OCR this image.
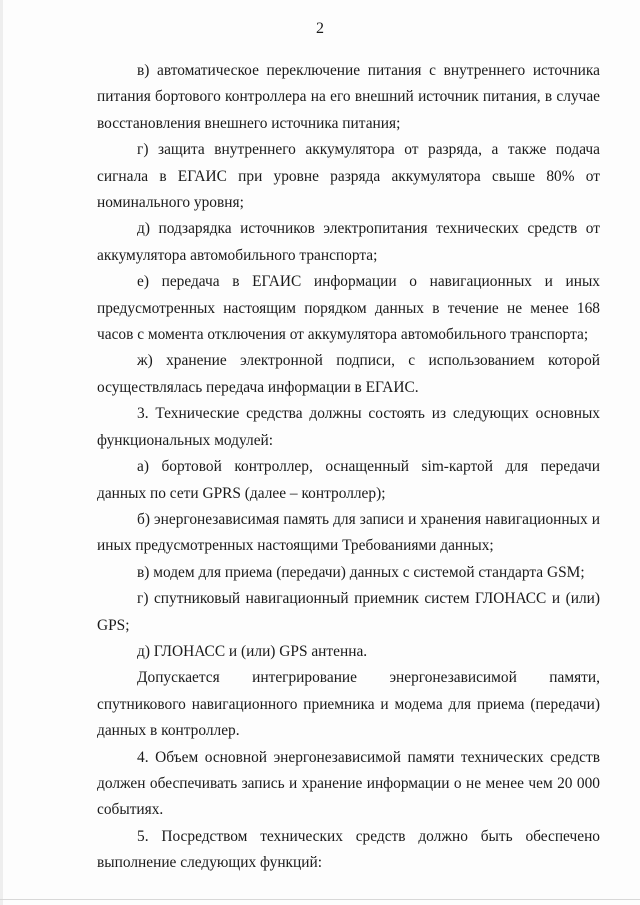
2

в) автоматическое переключение питания с внутреннего источника питания бортового контроллера на его внешний источник питания, в случае восстановления внешнего источника питания;

г) защита внутреннего аккумулятора от разряда, а также подача сигнала в ЕГАИС при уровне разряда аккумулятора свыше 80% от номинального уровня;

д) подзарядка источников электропитания технических средств от аккумулятора автомобильного транспорта;

е) передача в ЕГАИС информации о навигационных и иных предусмотренных настоящим порядком данных в течение не менее 168 часов с момента отключения от аккумулятора автомобильного транспорта;

ж) хранение электронной подписи, с использованием которой осуществлялась передача информации в ЕГАИС.

3. Технические средства должны состоять из следующих основных функциональных модулей:

а) бортовой контроллер, оснащенный sim-картой для передачи данных по сети GPRS (далее – контроллер);

б) энергонезависимая память для записи и хранения навигационных и иных предусмотренных настоящими Требованиями данных;

в) модем для приема (передачи) данных с системой стандарта GSM;

г) спутниковый навигационный приемник систем ГЛОНАСС и (или) GPS;

д) ГЛОНАСС и (или) GPS антенна.

Допускается интегрирование энергонезависимой памяти, спутникового навигационного приемника и модема для приема (передачи) данных в контроллер.

4. Объем основной энергонезависимой памяти технических средств должен обеспечивать запись и хранение информации о не менее чем 20 000 событиях.

5. Посредством технических средств должно быть обеспечено выполнение следующих функций:
